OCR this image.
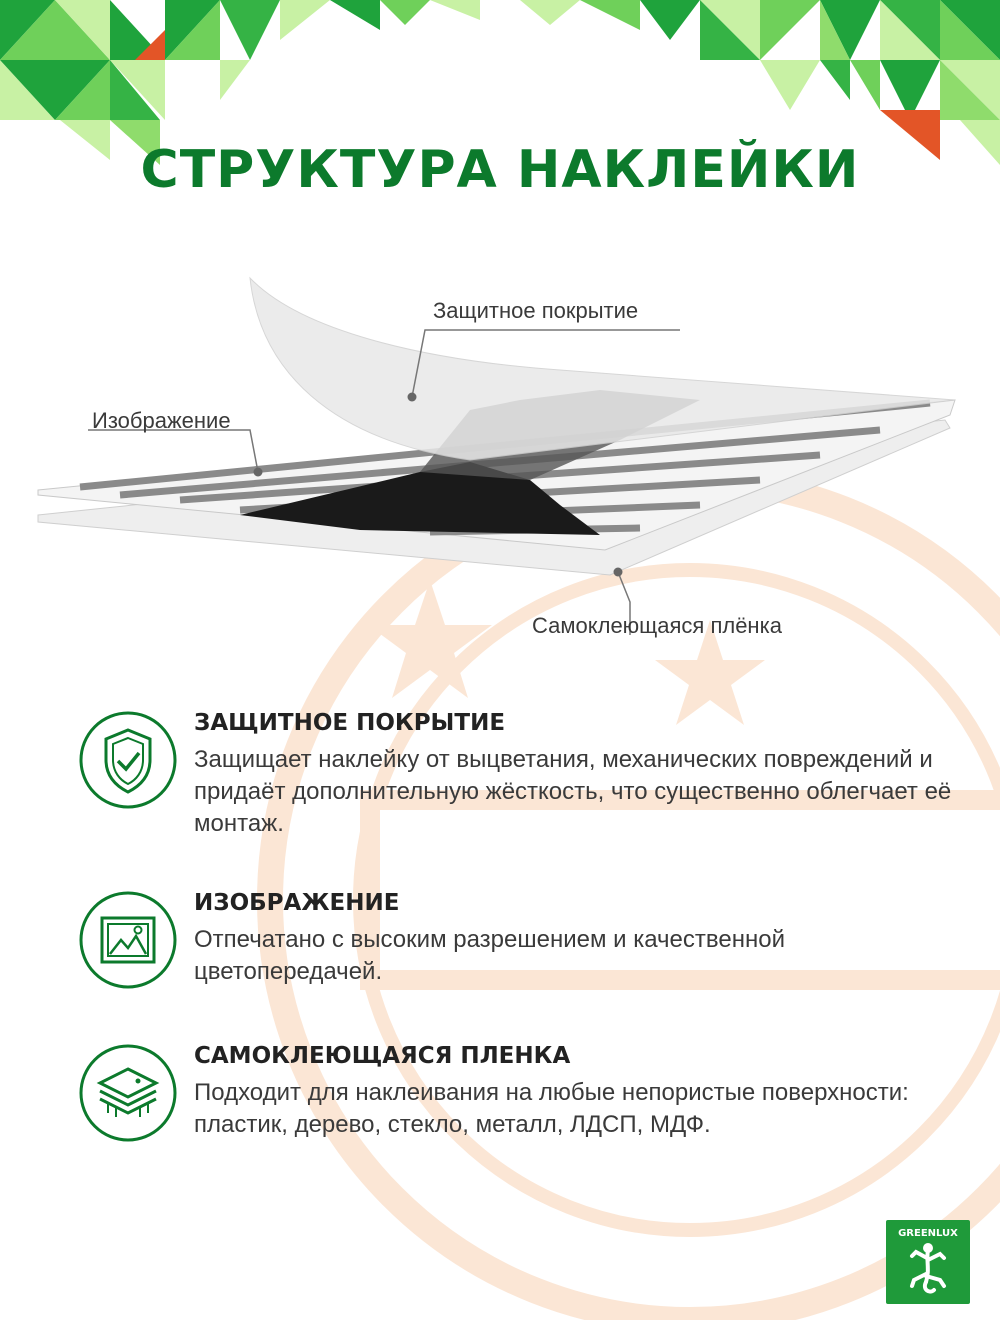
СТРУКТУРА НАКЛЕЙКИ
Защитное покрытие
Изображение
Самоклеющаяся плёнка

ЗАЩИТНОЕ ПОКРЫТИЕ

Защищает наклейку от выцветания, механических повреждений и придаёт дополнительную жёсткость, что существенно облегчает её монтаж.

ИЗОБРАЖЕНИЕ

Отпечатано с высоким разрешением и качественной цветопередачей.

САМОКЛЕЮЩАЯСЯ ПЛЕНКА

Подходит для наклеивания на любые непористые поверхности: пластик, дерево, стекло, металл, ЛДСП, МДФ.

GREENLUX
